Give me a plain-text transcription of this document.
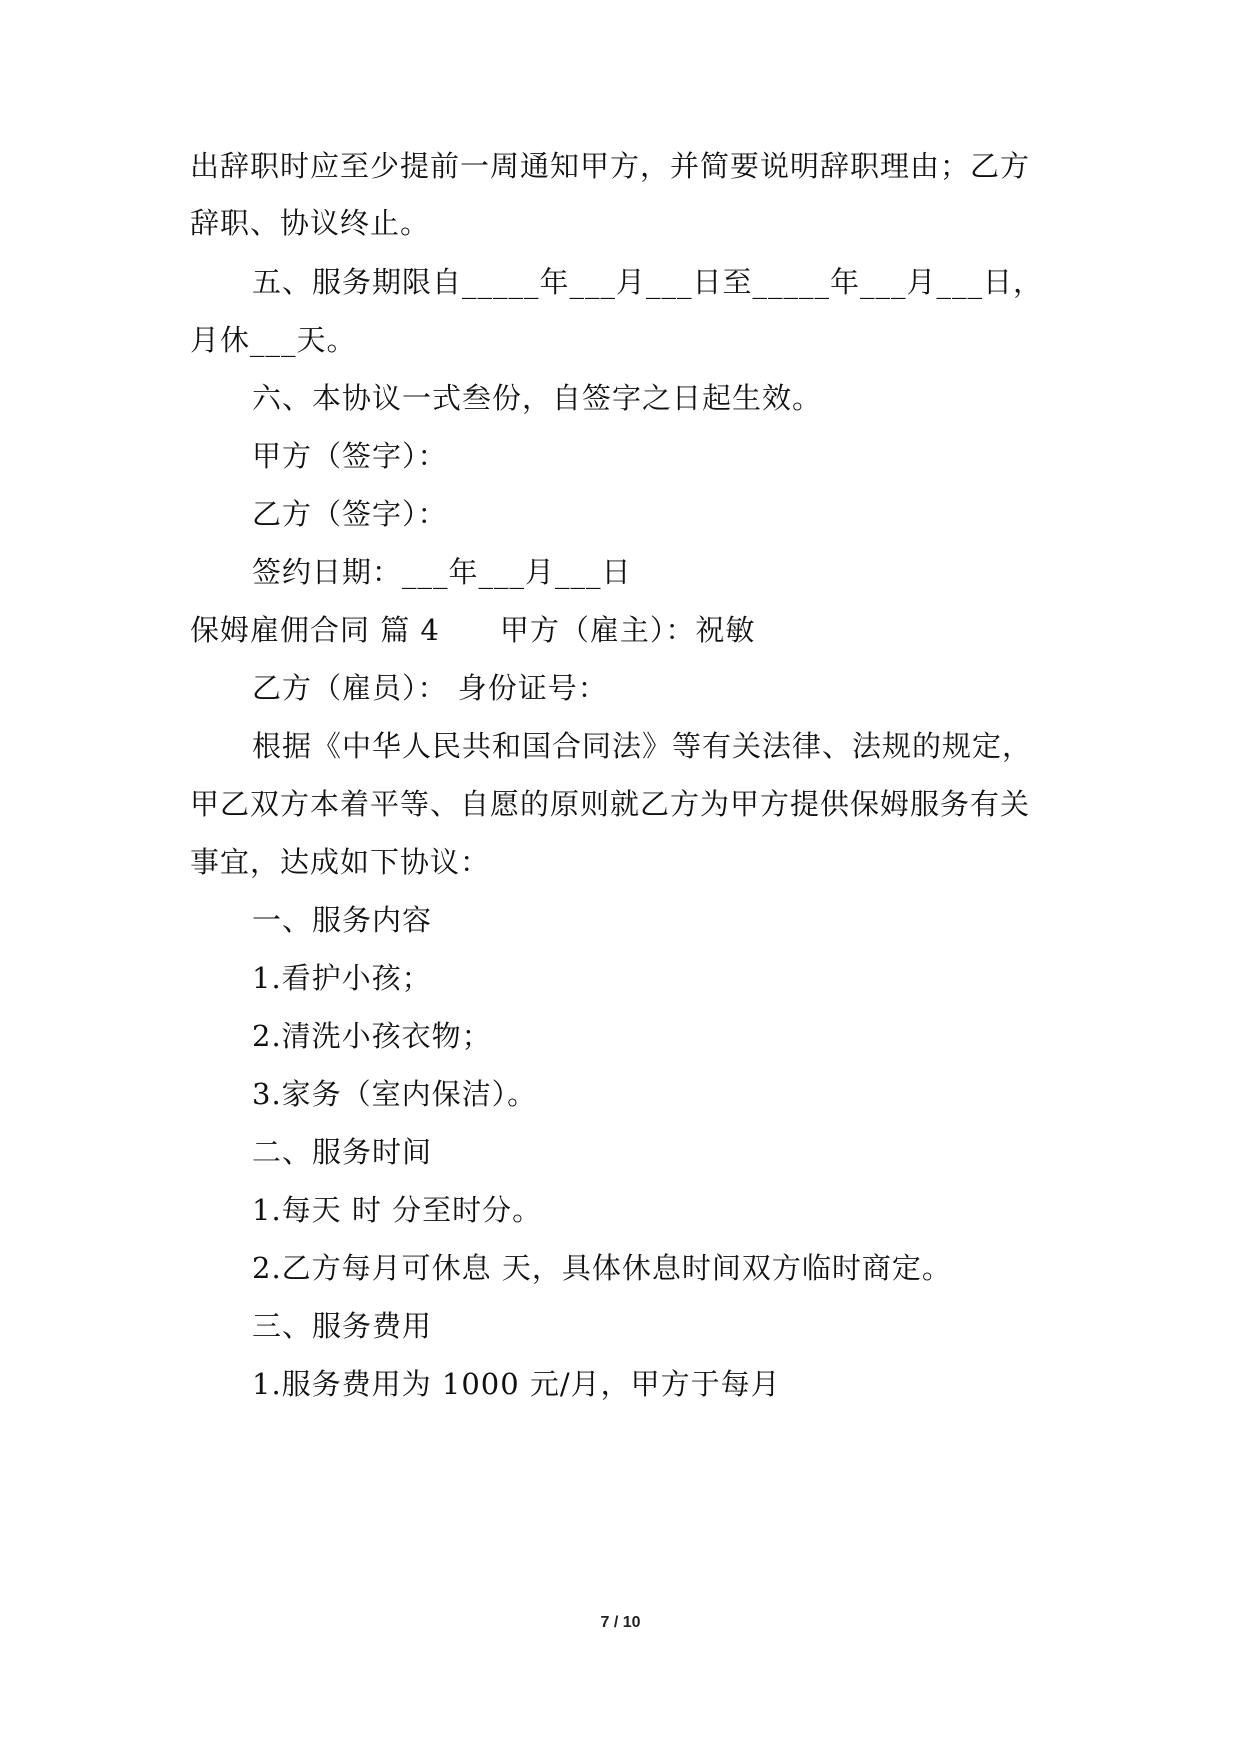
出辞职时应至少提前一周通知甲方，并简要说明辞职理由；乙方
辞职、协议终止。
五、服务期限自_____年___月___日至_____年___月___日，
月休___天。
六、本协议一式叁份，自签字之日起生效。
甲方（签字）：
乙方（签字）：
签约日期：___年___月___日
保姆雇佣合同 篇 4 甲方（雇主）：祝敏
乙方（雇员）： 身份证号：
根据《中华人民共和国合同法》等有关法律、法规的规定，
甲乙双方本着平等、自愿的原则就乙方为甲方提供保姆服务有关
事宜，达成如下协议：
一、服务内容
1.看护小孩；
2.清洗小孩衣物；
3.家务（室内保洁）。
二、服务时间
1.每天 时 分至时分。
2.乙方每月可休息 天，具体休息时间双方临时商定。
三、服务费用
1.服务费用为 1000 元/月，甲方于每月
7 / 10
